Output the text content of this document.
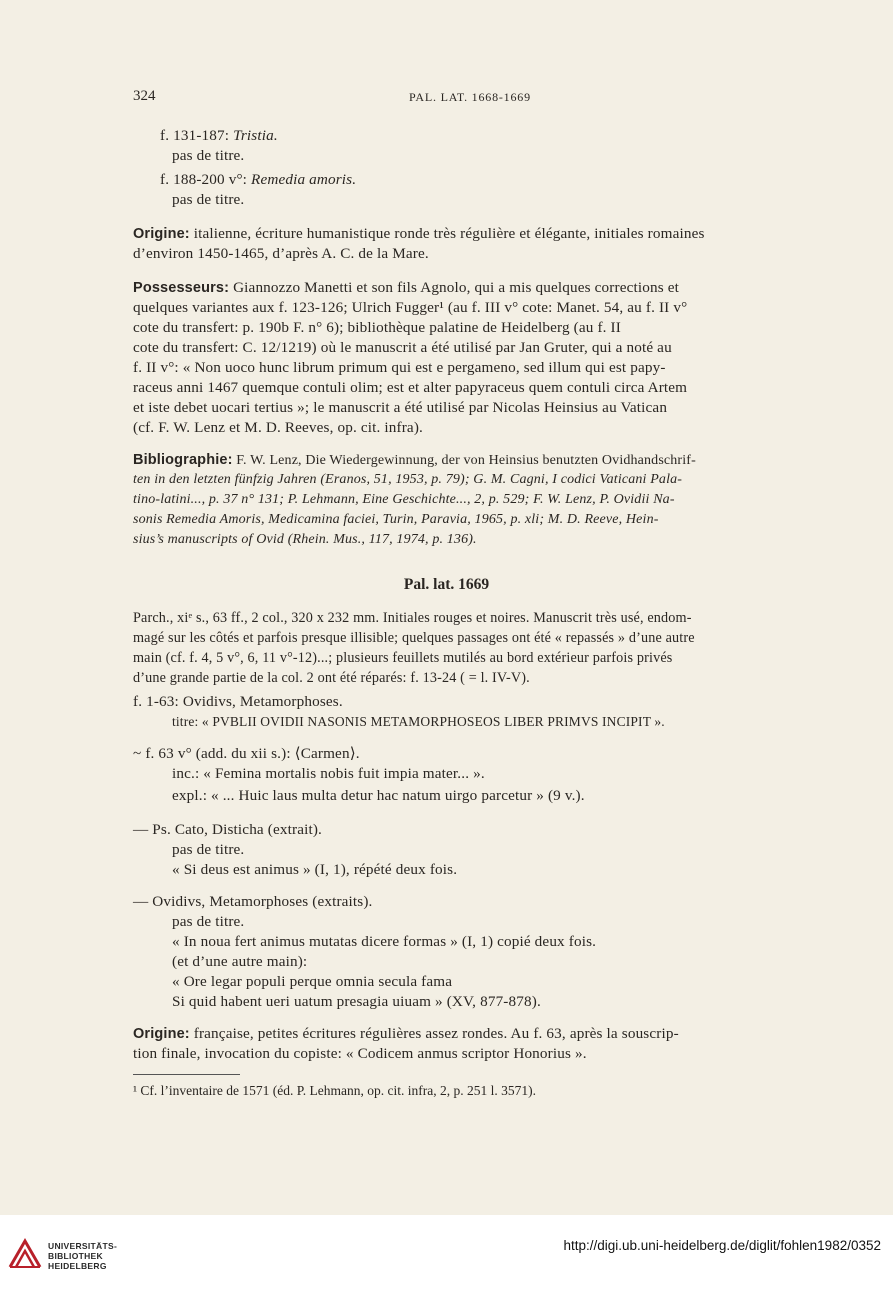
324	PAL. LAT. 1668-1669
f. 131-187: Tristia.
pas de titre.
f. 188-200 v°: Remedia amoris.
pas de titre.
Origine: italienne, écriture humanistique ronde très régulière et élégante, initiales romaines
d’environ 1450-1465, d’après A. C. de la Mare.
Possesseurs: Giannozzo Manetti et son fils Agnolo, qui a mis quelques corrections et
quelques variantes aux f. 123-126; Ulrich Fugger¹ (au f. III v° cote: Manet. 54, au f. II v°
cote du transfert: p. 190b F. n° 6); bibliothèque palatine de Heidelberg (au f. II
cote du transfert: C. 12/1219) où le manuscrit a été utilisé par Jan Gruter, qui a noté au
f. II v°: « Non uoco hunc librum primum qui est e pergameno, sed illum qui est papy-
raceus anni 1467 quemque contuli olim; est et alter papyraceus quem contuli circa Artem
et iste debet uocari tertius »; le manuscrit a été utilisé par Nicolas Heinsius au Vatican
(cf. F. W. Lenz et M. D. Reeves, op. cit. infra).
Bibliographie: F. W. Lenz, Die Wiedergewinnung, der von Heinsius benutzten Ovidhandschrif-
ten in den letzten fünfzig Jahren (Eranos, 51, 1953, p. 79); G. M. Cagni, I codici Vaticani Pala-
tino-latini..., p. 37 n° 131; P. Lehmann, Eine Geschichte..., 2, p. 529; F. W. Lenz, P. Ovidii Na-
sonis Remedia Amoris, Medicamina faciei, Turin, Paravia, 1965, p. xli; M. D. Reeve, Hein-
sius’s manuscripts of Ovid (Rhein. Mus., 117, 1974, p. 136).
Pal. lat. 1669
Parch., xiᵉ s., 63 ff., 2 col., 320 x 232 mm. Initiales rouges et noires. Manuscrit très usé, endom-
magé sur les côtés et parfois presque illisible; quelques passages ont été « repassés » d’une autre
main (cf. f. 4, 5 v°, 6, 11 v°-12)...; plusieurs feuillets mutilés au bord extérieur parfois privés
d’une grande partie de la col. 2 ont été réparés: f. 13-24 ( = l. IV-V).
f. 1-63: Ovidivs, Metamorphoses.
titre: « PVBLII OVIDII NASONIS METAMORPHOSEOS LIBER PRIMVS INCIPIT ».
~ f. 63 v° (add. du xii s.): ⟨Carmen⟩.
inc.: « Femina mortalis nobis fuit impia mater... ».
expl.: « ... Huic laus multa detur hac natum uirgo parcetur » (9 v.).
— Ps. Cato, Disticha (extrait).
pas de titre.
« Si deus est animus » (I, 1), répété deux fois.
— Ovidivs, Metamorphoses (extraits).
pas de titre.
« In noua fert animus mutatas dicere formas » (I, 1) copié deux fois.
(et d’une autre main):
« Ore legar populi perque omnia secula fama
Si quid habent ueri uatum presagia uiuam » (XV, 877-878).
Origine: française, petites écritures régulières assez rondes. Au f. 63, après la souscrip-
tion finale, invocation du copiste: « Codicem anmus scriptor Honorius ».
¹ Cf. l’inventaire de 1571 (éd. P. Lehmann, op. cit. infra, 2, p. 251 l. 3571).
UNIVERSITÄTS-
BIBLIOTHEK
HEIDELBERG
http://digi.ub.uni-heidelberg.de/diglit/fohlen1982/0352
